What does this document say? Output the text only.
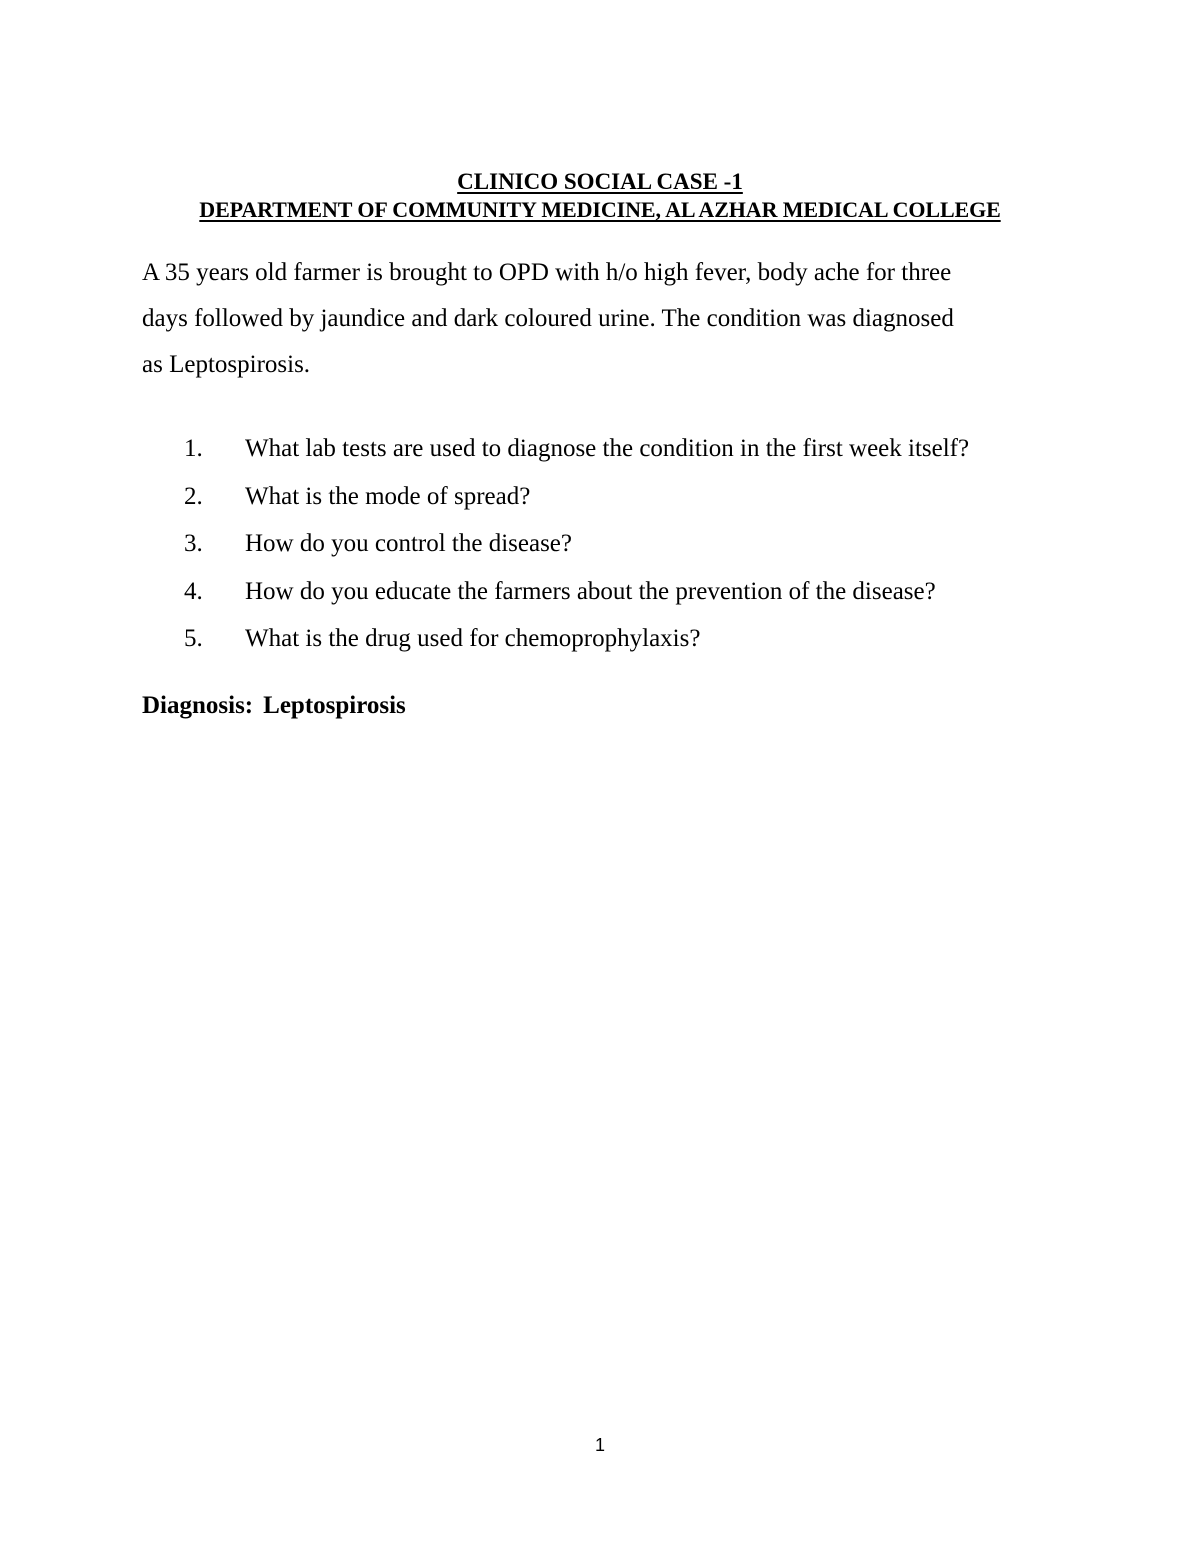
CLINICO SOCIAL CASE -1
DEPARTMENT OF COMMUNITY MEDICINE, AL AZHAR MEDICAL COLLEGE
A 35 years old farmer is brought to OPD with h/o high fever, body ache for three
days followed by jaundice and dark coloured urine. The condition was diagnosed
as Leptospirosis.
1. What lab tests are used to diagnose the condition in the first week itself?
2. What is the mode of spread?
3. How do you control the disease?
4. How do you educate the farmers about the prevention of the disease?
5. What is the drug used for chemoprophylaxis?
Diagnosis: Leptospirosis
1
